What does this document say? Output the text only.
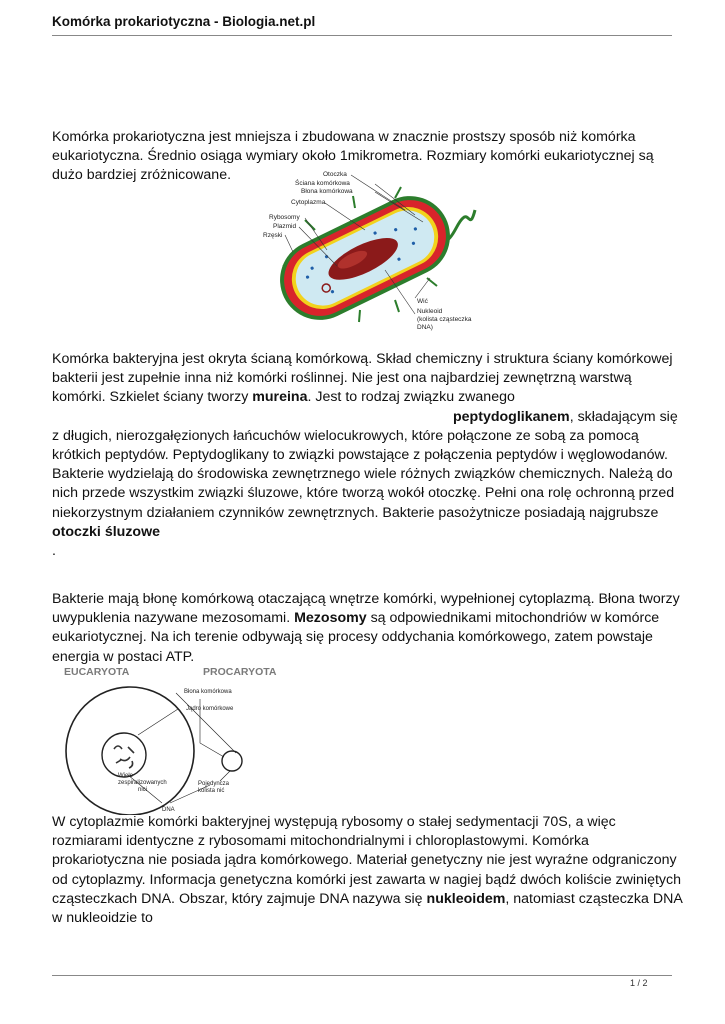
Komórka prokariotyczna - Biologia.net.pl

Komórka prokariotyczna jest mniejsza i zbudowana w znacznie prostszy sposób niż komórka eukariotyczna. Średnio osiąga wymiary około 1mikrometra. Rozmiary komórki eukariotycznej są dużo bardziej zróżnicowane.	Otoczka
Ściana komórkowa
Błona komórkowa
Cytoplazma
Rybosomy
Plazmid
Rzęski
Wić
Nukleoid
(kolista cząsteczka
DNA)

Komórka bakteryjna jest okryta ścianą komórkową. Skład chemiczny i struktura ściany komórkowej bakterii jest zupełnie inna niż komórki roślinnej. Nie jest ona najbardziej zewnętrzną warstwą komórki. Szkielet ściany tworzy mureina. Jest to rodzaj związku zwanego
peptydoglikanem, składającym się z długich, nierozgałęzionych łańcuchów wielocukrowych, które połączone ze sobą za pomocą krótkich peptydów. Peptydoglikany to związki powstające z połączenia peptydów i węglowodanów. Bakterie wydzielają do środowiska zewnętrznego wiele różnych związków chemicznych. Należą do nich przede wszystkim związki śluzowe, które tworzą wokół otoczkę. Pełni ona rolę ochronną przed niekorzystnym działaniem czynników zewnętrznych. Bakterie pasożytnicze posiadają najgrubsze
otoczki śluzowe
.

Bakterie mają błonę komórkową otaczającą wnętrze komórki, wypełnionej cytoplazmą. Błona tworzy uwypuklenia nazywane mezosomami. Mezosomy są odpowiednikami mitochondriów w komórce eukariotycznej. Na ich terenie odbywają się procesy oddychania komórkowego, zatem powstaje energia w postaci ATP.

EUCARYOTA	PROCARYOTA
Błona komórkowa
Jądro komórkowe
Wiele
zespiralizowanych
nici
Pojedyncza
kolista nić
DNA

W cytoplazmie komórki bakteryjnej występują rybosomy o stałej sedymentacji 70S, a więc rozmiarami identyczne z rybosomami mitochondrialnymi i chloroplastowymi. Komórka prokariotyczna nie posiada jądra komórkowego. Materiał genetyczny nie jest wyraźne odgraniczony od cytoplazmy. Informacja genetyczna komórki jest zawarta w nagiej bądź dwóch koliście zwiniętych cząsteczkach DNA. Obszar, który zajmuje DNA nazywa się nukleoidem, natomiast cząsteczka DNA w nukleoidzie to

1 / 2
